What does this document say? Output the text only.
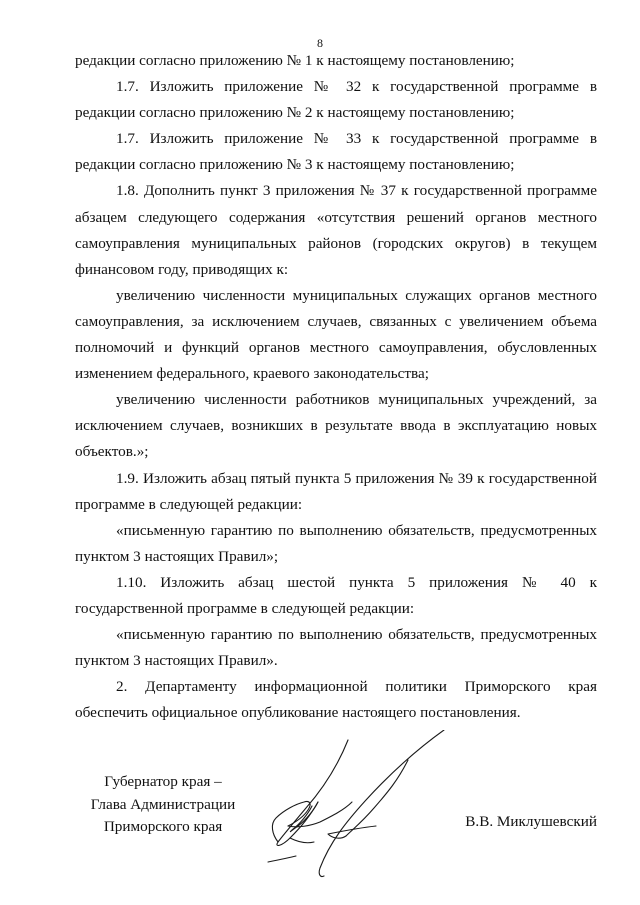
8

редакции согласно приложению № 1 к настоящему постановлению;

1.7. Изложить приложение № 32 к государственной программе в редакции согласно приложению № 2 к настоящему постановлению;

1.7. Изложить приложение № 33 к государственной программе в редакции согласно приложению № 3 к настоящему постановлению;

1.8. Дополнить пункт 3 приложения № 37 к государственной программе абзацем следующего содержания «отсутствия решений органов местного самоуправления муниципальных районов (городских округов) в текущем финансовом году, приводящих к:

увеличению численности муниципальных служащих органов местного самоуправления, за исключением случаев, связанных с увеличением объема полномочий и функций органов местного самоуправления, обусловленных изменением федерального, краевого законодательства;

увеличению численности работников муниципальных учреждений, за исключением случаев, возникших в результате ввода в эксплуатацию новых объектов.»;

1.9. Изложить абзац пятый пункта 5 приложения № 39 к государственной программе в следующей редакции:

«письменную гарантию по выполнению обязательств, предусмотренных пунктом 3 настоящих Правил»;

1.10. Изложить абзац шестой пункта 5 приложения № 40 к государственной программе в следующей редакции:

«письменную гарантию по выполнению обязательств, предусмотренных пунктом 3 настоящих Правил».

2. Департаменту информационной политики Приморского края обеспечить официальное опубликование настоящего постановления.

Губернатор края –
Глава Администрации
Приморского края	В.В. Миклушевский
